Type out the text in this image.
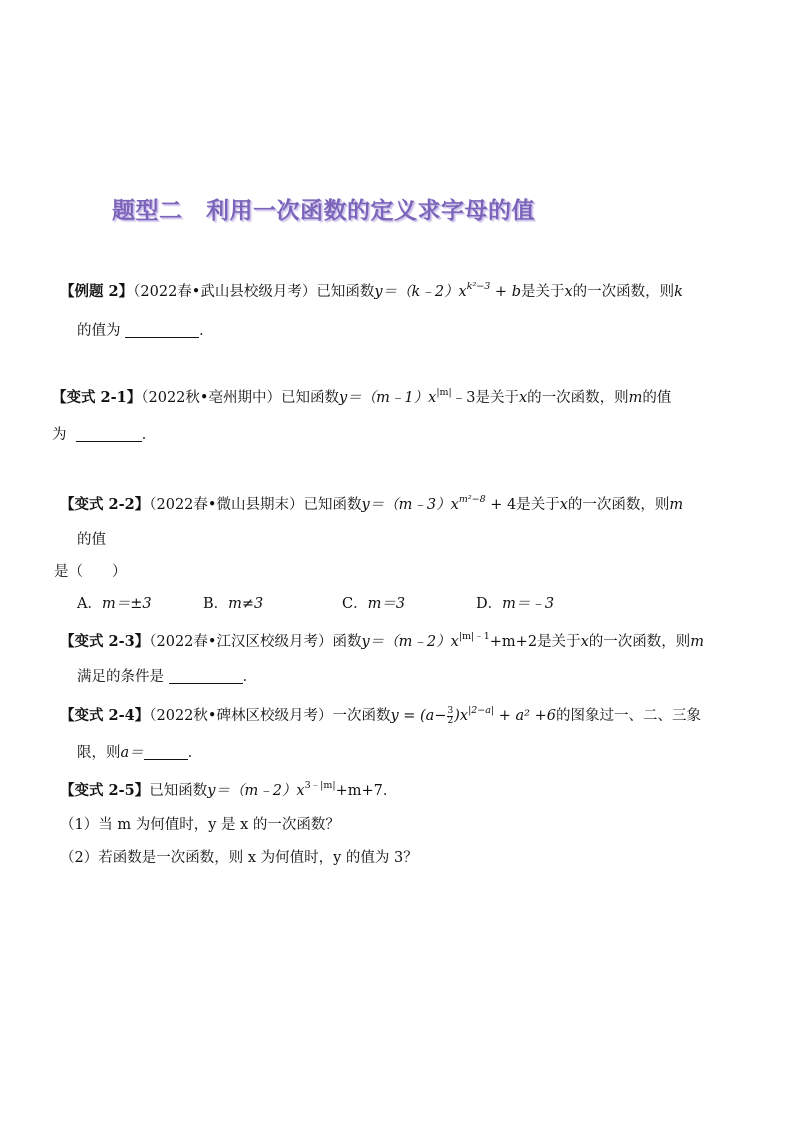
题型二　利用一次函数的定义求字母的值
【例题 2】（2022春•武山县校级月考）已知函数$y=(k﹣2)x^{k^2-3} + b$是关于x的一次函数，则k
的值为	．
【变式 2-1】（2022秋•亳州期中）已知函数$y=(m﹣1)x^{|m|}﹣3$是关于x的一次函数，则m的值
为	．
【变式 2-2】（2022春•微山县期末）已知函数$y=(m﹣3)x^{m^2-8} + 4$是关于x的一次函数，则m
的值
是（　　）
A．m＝±3	B．m≠3	C．m＝3	D．m＝﹣3
【变式 2-3】（2022春•江汉区校级月考）函数$y=(m﹣2)x^{|m|﹣1}+m+2$是关于x的一次函数，则m
满足的条件是	．
【变式 2-4】（2022秋•碑林区校级月考）一次函数$y = (a- \frac{3}{2} )x^{|2-a|} + a^2 +6$的图象过一、二、三象
限，则a＝	．
【变式 2-5】已知函数$y=(m﹣2)x^{3﹣|m|}+m+7$．
（1）当 m 为何值时，y 是 x 的一次函数？
（2）若函数是一次函数，则 x 为何值时，y 的值为 3？
